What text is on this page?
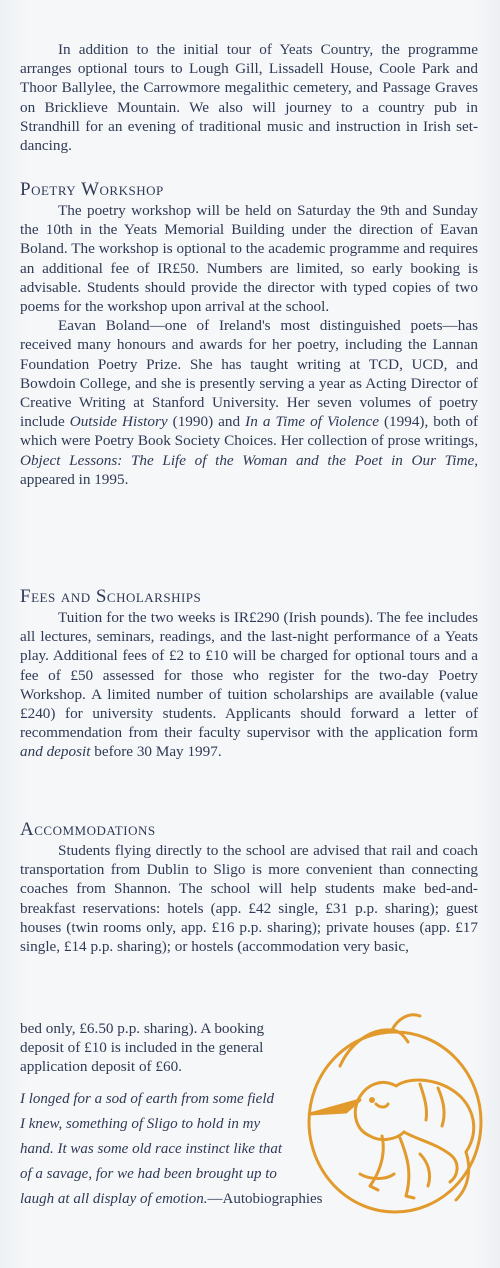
In addition to the initial tour of Yeats Country, the programme arranges optional tours to Lough Gill, Lissadell House, Coole Park and Thoor Ballylee, the Carrowmore megalithic cemetery, and Passage Graves on Bricklieve Mountain. We also will journey to a country pub in Strandhill for an evening of traditional music and instruction in Irish set-dancing.

Poetry Workshop

The poetry workshop will be held on Saturday the 9th and Sunday the 10th in the Yeats Memorial Building under the direction of Eavan Boland. The workshop is optional to the academic programme and requires an additional fee of IR£50. Numbers are limited, so early booking is advisable. Students should provide the director with typed copies of two poems for the workshop upon arrival at the school.

Eavan Boland—one of Ireland's most distinguished poets—has received many honours and awards for her poetry, including the Lannan Foundation Poetry Prize. She has taught writing at TCD, UCD, and Bowdoin College, and she is presently serving a year as Acting Director of Creative Writing at Stanford University. Her seven volumes of poetry include Outside History (1990) and In a Time of Violence (1994), both of which were Poetry Book Society Choices. Her collection of prose writings, Object Lessons: The Life of the Woman and the Poet in Our Time, appeared in 1995.

Fees and Scholarships

Tuition for the two weeks is IR£290 (Irish pounds). The fee includes all lectures, seminars, readings, and the last-night performance of a Yeats play. Additional fees of £2 to £10 will be charged for optional tours and a fee of £50 assessed for those who register for the two-day Poetry Workshop. A limited number of tuition scholarships are available (value £240) for university students. Applicants should forward a letter of recommendation from their faculty supervisor with the application form and deposit before 30 May 1997.

Accommodations

Students flying directly to the school are advised that rail and coach transportation from Dublin to Sligo is more convenient than connecting coaches from Shannon. The school will help students make bed-and-breakfast reservations: hotels (app. £42 single, £31 p.p. sharing); guest houses (twin rooms only, app. £16 p.p. sharing); private houses (app. £17 single, £14 p.p. sharing); or hostels (accommodation very basic,

bed only, £6.50 p.p. sharing). A booking

deposit of £10 is included in the general

application deposit of £60.

I longed for a sod of earth from some field
I knew, something of Sligo to hold in my
hand. It was some old race instinct like that
of a savage, for we had been brought up to
laugh at all display of emotion.—Autobiographies
